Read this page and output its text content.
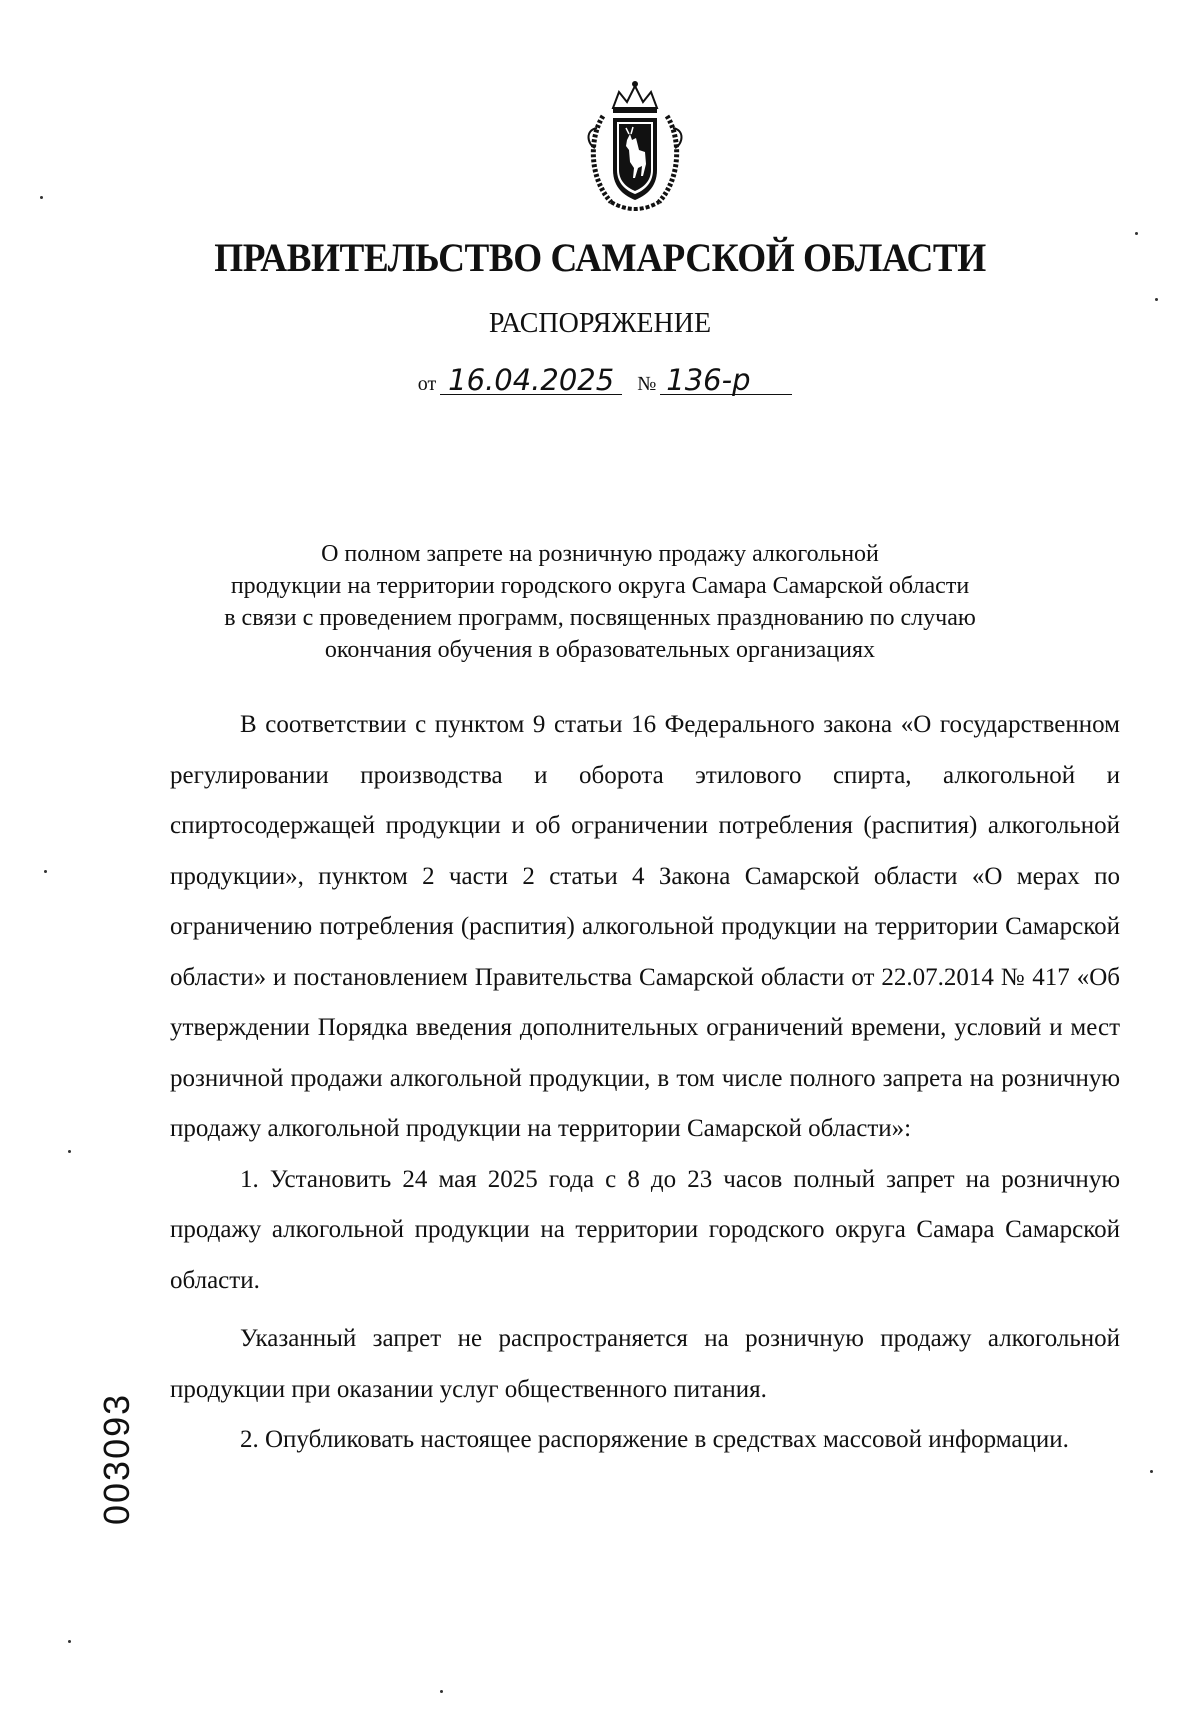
ПРАВИТЕЛЬСТВО САМАРСКОЙ ОБЛАСТИ
РАСПОРЯЖЕНИЕ
от 16.04.2025 № 136-р
О полном запрете на розничную продажу алкогольной
продукции на территории городского округа Самара Самарской области
в связи с проведением программ, посвященных празднованию по случаю
окончания обучения в образовательных организациях

В соответствии с пунктом 9 статьи 16 Федерального закона «О государственном регулировании производства и оборота этилового спирта, алкогольной и спиртосодержащей продукции и об ограничении потребления (распития) алкогольной продукции», пунктом 2 части 2 статьи 4 Закона Самарской области «О мерах по ограничению потребления (распития) алкогольной продукции на территории Самарской области» и постановлением Правительства Самарской области от 22.07.2014 № 417 «Об утверждении Порядка введения дополнительных ограничений времени, условий и мест розничной продажи алкогольной продукции, в том числе полного запрета на розничную продажу алкогольной продукции на территории Самарской области»:

1. Установить 24 мая 2025 года с 8 до 23 часов полный запрет на розничную продажу алкогольной продукции на территории городского округа Самара Самарской области.

Указанный запрет не распространяется на розничную продажу алкогольной продукции при оказании услуг общественного питания.

2. Опубликовать настоящее распоряжение в средствах массовой информации.

003093
